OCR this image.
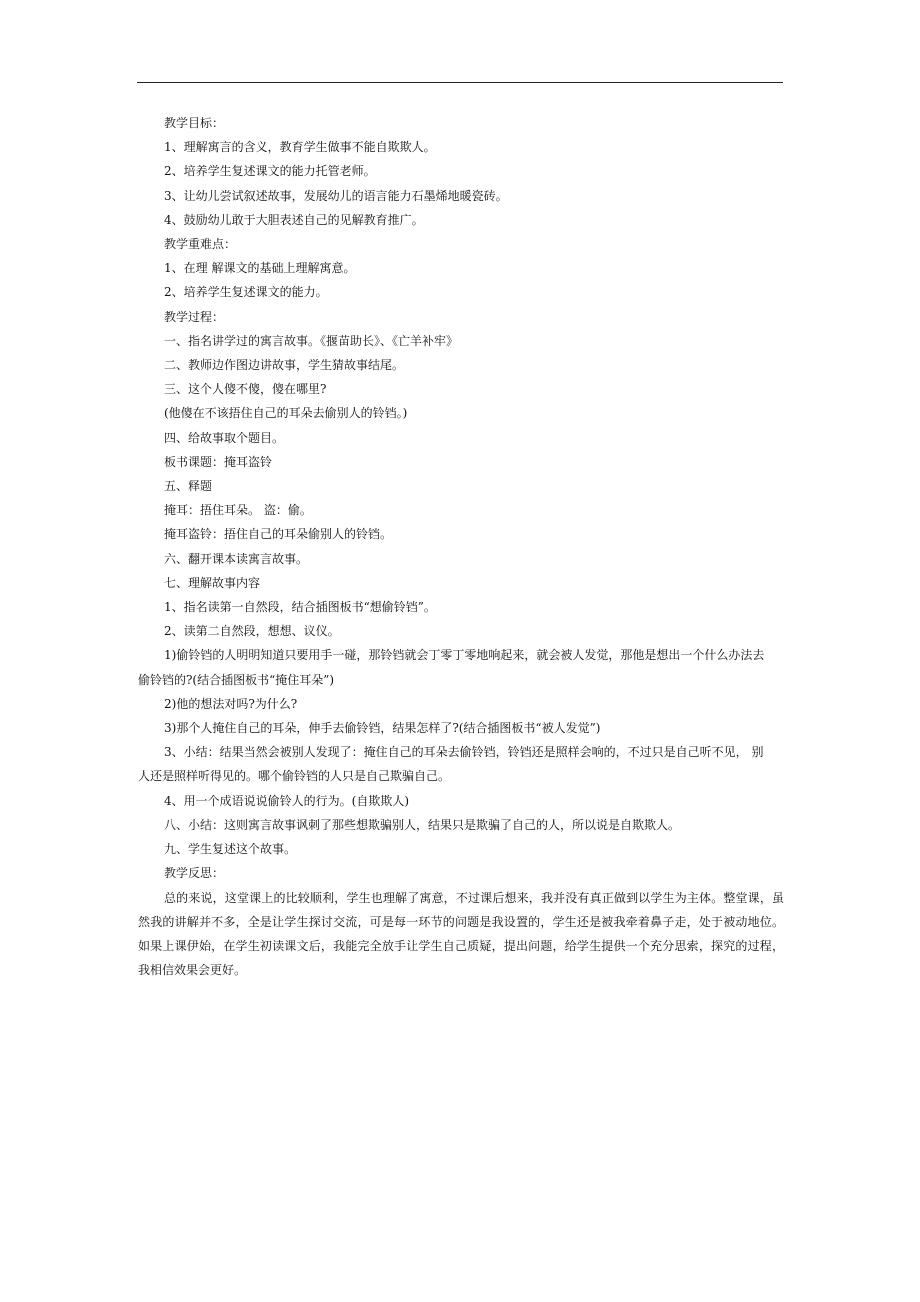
教学目标：
1、理解寓言的含义，教育学生做事不能自欺欺人。
2、培养学生复述课文的能力托管老师。
3、让幼儿尝试叙述故事，发展幼儿的语言能力石墨烯地暖瓷砖。
4、鼓励幼儿敢于大胆表述自己的见解教育推广。
教学重难点：
1、在理 解课文的基础上理解寓意。
2、培养学生复述课文的能力。
教学过程：
一、指名讲学过的寓言故事。《揠苗助长》、《亡羊补牢》
二、教师边作图边讲故事，学生猜故事结尾。
三、这个人傻不傻，傻在哪里?
(他傻在不该捂住自己的耳朵去偷别人的铃铛。)
四、给故事取个题目。
板书课题：掩耳盗铃
五、释题
掩耳：捂住耳朵。 盗：偷。
掩耳盗铃：捂住自己的耳朵偷别人的铃铛。
六、翻开课本读寓言故事。
七、理解故事内容
1、指名读第一自然段，结合插图板书“想偷铃铛”。
2、读第二自然段，想想、议仪。
1)偷铃铛的人明明知道只要用手一碰，那铃铛就会丁零丁零地响起来，就会被人发觉，那他是想出一个什么办法去
偷铃铛的?(结合插图板书“掩住耳朵”)
2)他的想法对吗?为什么?
3)那个人掩住自己的耳朵，伸手去偷铃铛，结果怎样了?(结合插图板书“被人发觉”)
3、小结：结果当然会被别人发现了：掩住自己的耳朵去偷铃铛，铃铛还是照样会响的，不过只是自己听不见， 别
人还是照样听得见的。哪个偷铃铛的人只是自己欺骗自己。
4、用一个成语说说偷铃人的行为。(自欺欺人)
八、小结：这则寓言故事讽刺了那些想欺骗别人，结果只是欺骗了自己的人，所以说是自欺欺人。
九、学生复述这个故事。
教学反思：
总的来说，这堂课上的比较顺利，学生也理解了寓意，不过课后想来，我并没有真正做到以学生为主体。整堂课，虽然我的讲解并不多，全是让学生探讨交流，可是每一环节的问题是我设置的，学生还是被我牵着鼻子走，处于被动地位。如果上课伊始，在学生初读课文后，我能完全放手让学生自己质疑，提出问题，给学生提供一个充分思索，探究的过程，我相信效果会更好。
